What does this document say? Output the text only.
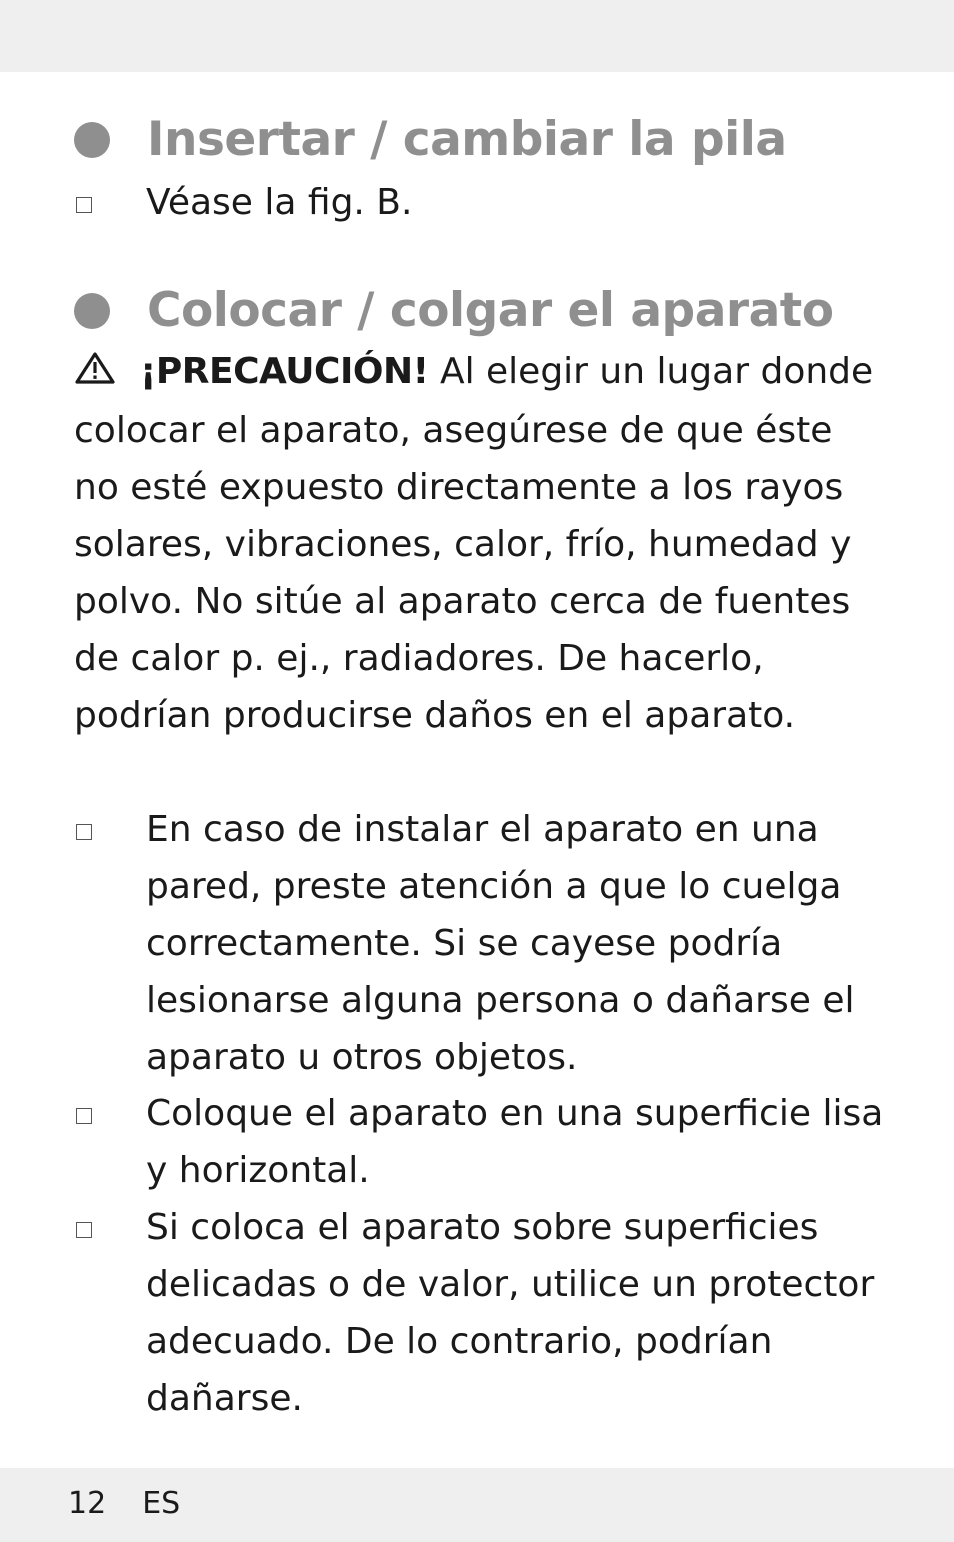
Insertar / cambiar la pila
Véase la fig. B.
Colocar / colgar el aparato
¡PRECAUCIÓN! Al elegir un lugar donde colocar el aparato, asegúrese de que éste no esté expuesto directamente a los rayos solares, vibraciones, calor, frío, humedad y polvo. No sitúe al aparato cerca de fuentes de calor p. ej., radiadores. De hacerlo, podrían producirse daños en el aparato.
En caso de instalar el aparato en una pared, preste atención a que lo cuelga correctamente. Si se cayese podría lesionarse alguna persona o dañarse el aparato u otros objetos.
Coloque el aparato en una superficie lisa y horizontal.
Si coloca el aparato sobre superficies delicadas o de valor, utilice un protector adecuado. De lo contrario, podrían dañarse.
12 ES
